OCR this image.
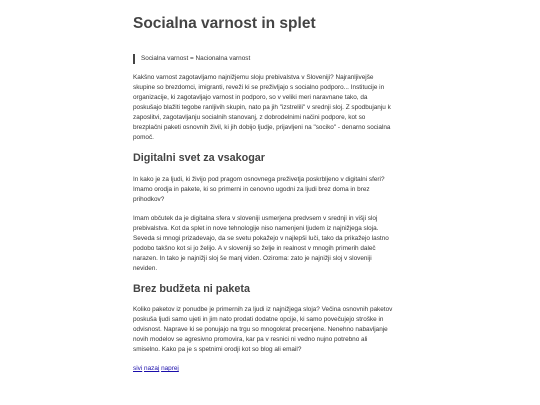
Socialna varnost in splet
Socialna varnost = Nacionalna varnost

Kakšno varnost zagotavljamo najnižjemu sloju prebivalstva v Sloveniji? Najranljivejše
skupine so brezdomci, imigranti, reveži ki se preživljajo s socialno podporo... Institucije in
organizacije, ki zagotavljajo varnost in podporo, so v veliki meri naravnane tako, da
poskušajo blažiti tegobe ranljivih skupin, nato pa jih "izstrelili" v srednji sloj. Z spodbujanju k
zaposlitvi, zagotavljanju socialnih stanovanj, z dobrodelnimi načini podpore, kot so
brezplačni paketi osnovnih živil, ki jih dobijo ljudje, prijavljeni na "sociko" - denarno socialna
pomoč.

Digitalni svet za vsakogar

In kako je za ljudi, ki živijo pod pragom osnovnega preživetja poskrbljeno v digitalni sferi?
Imamo orodja in pakete, ki so primerni in cenovno ugodni za ljudi brez doma in brez
prihodkov?

Imam občutek da je digitalna sfera v sloveniji usmerjena predvsem v srednji in višji sloj
prebivalstva. Kot da splet in nove tehnologije niso namenjeni ljudem iz najnižjega sloja.
Seveda si mnogi prizadevajo, da se svetu pokažejo v najlepši luči, tako da prikažejo lastno
podobo takšno kot si jo želijo. A v sloveniji so želje in realnost v mnogih primerih daleč
narazen. In tako je najnižji sloj še manj viden. Oziroma: zato je najnižji sloj v sloveniji
neviden.

Brez budžeta ni paketa

Koliko paketov iz ponudbe je primernih za ljudi iz najnižjega sloja? Večina osnovnih paketov
poskuša ljudi samo ujeti in jim nato prodati dodatne opcije, ki samo povečujejo stroške in
odvisnost. Naprave ki se ponujajo na trgu so mnogokrat precenjene. Nenehno nabavljanje
novih modelov se agresivno promovira, kar pa v resnici ni vedno nujno potrebno ali
smiselno. Kako pa je s spetnimi orodji kot so blog ali email?

sivi nazaj naprej
